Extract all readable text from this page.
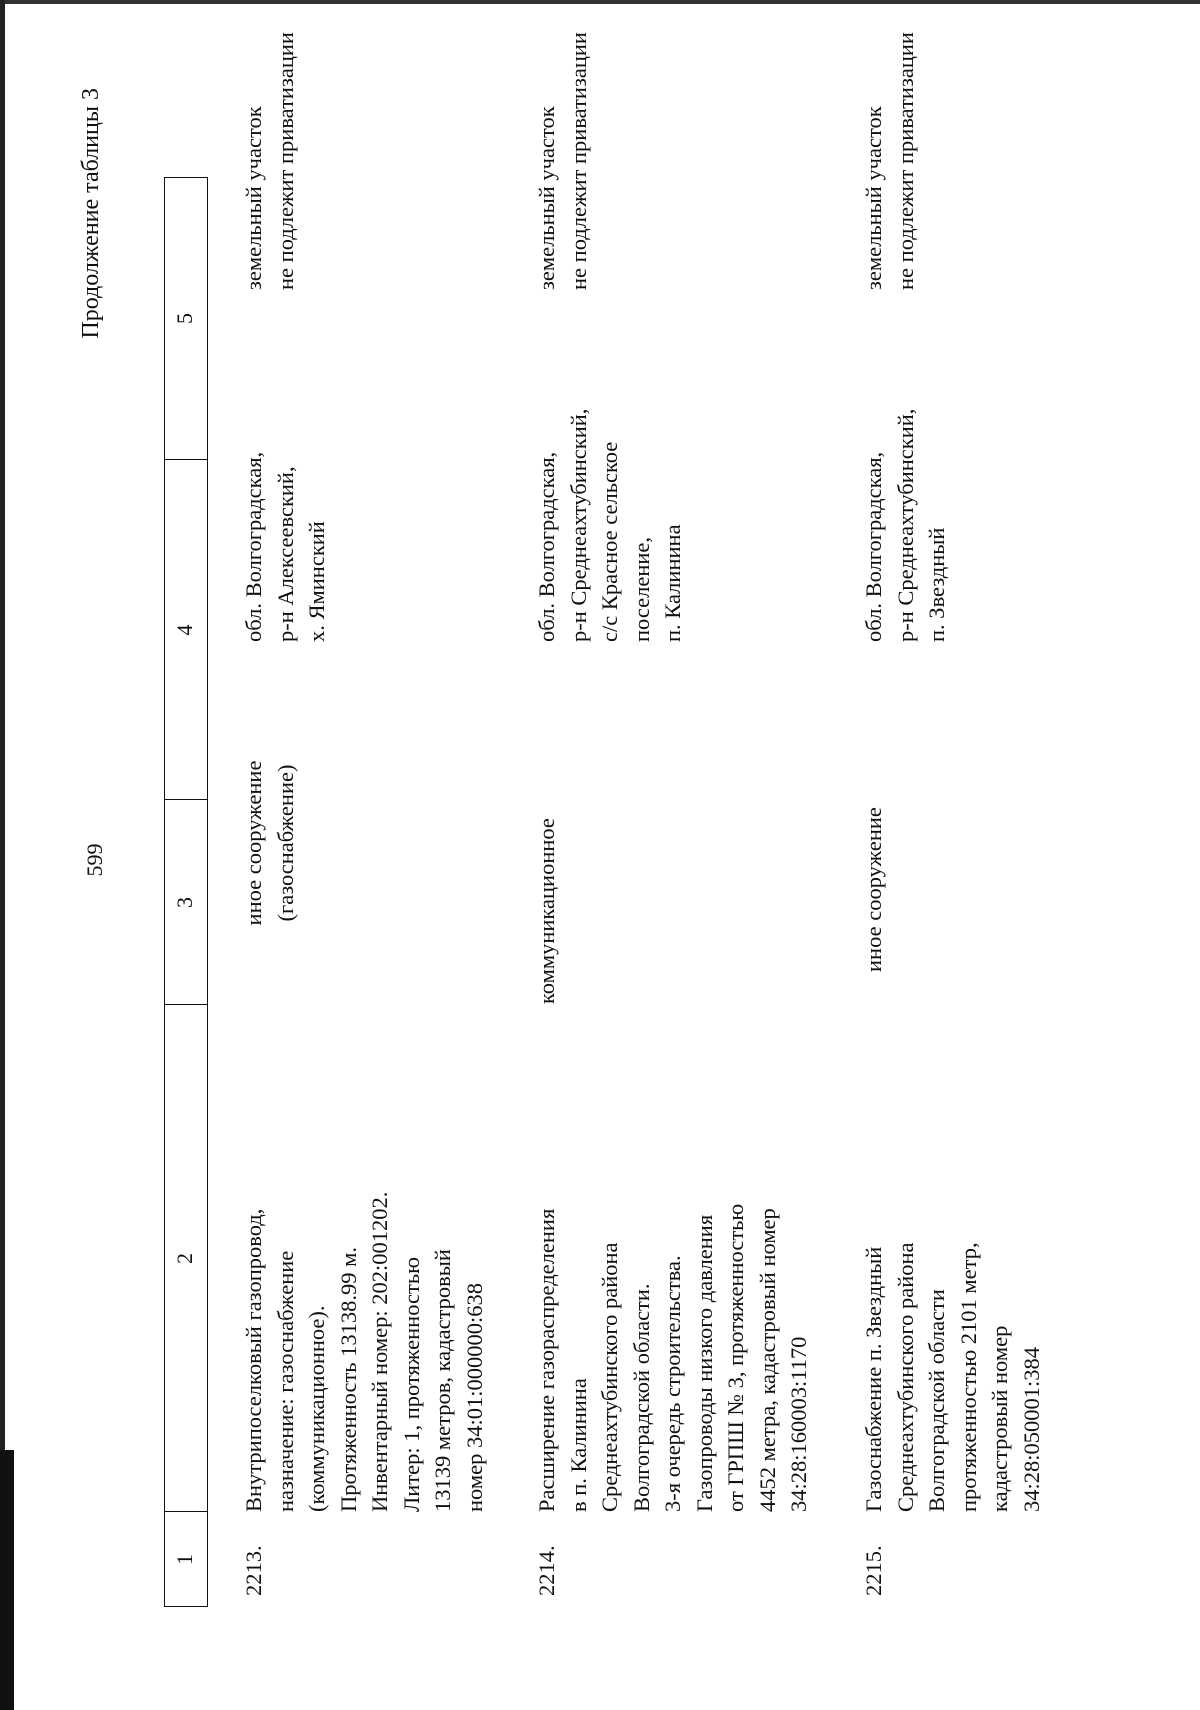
599
Продолжение таблицы 3
1
2
3
4
5
2213.
Внутрипоселковый газопровод,
назначение: газоснабжение
(коммуникационное).
Протяженность 13138.99 м.
Инвентарный номер: 202:001202.
Литер: 1, протяженностью
13139 метров, кадастровый
номер 34:01:000000:638
иное сооружение
(газоснабжение)
обл. Волгоградская,
р-н Алексеевский,
х. Яминский
земельный участок
не подлежит приватизации
2214.
Расширение газораспределения
в п. Калинина
Среднеахтубинского района
Волгоградской области.
3-я очередь строительства.
Газопроводы низкого давления
от ГРПШ № 3, протяженностью
4452 метра, кадастровый номер
34:28:160003:1170
коммуникационное
обл. Волгоградская,
р-н Среднеахтубинский,
с/с Красное сельское
поселение,
п. Калинина
земельный участок
не подлежит приватизации
2215.
Газоснабжение п. Звездный
Среднеахтубинского района
Волгоградской области
протяженностью 2101 метр,
кадастровый номер
34:28:050001:384
иное сооружение
обл. Волгоградская,
р-н Среднеахтубинский,
п. Звездный
земельный участок
не подлежит приватизации
